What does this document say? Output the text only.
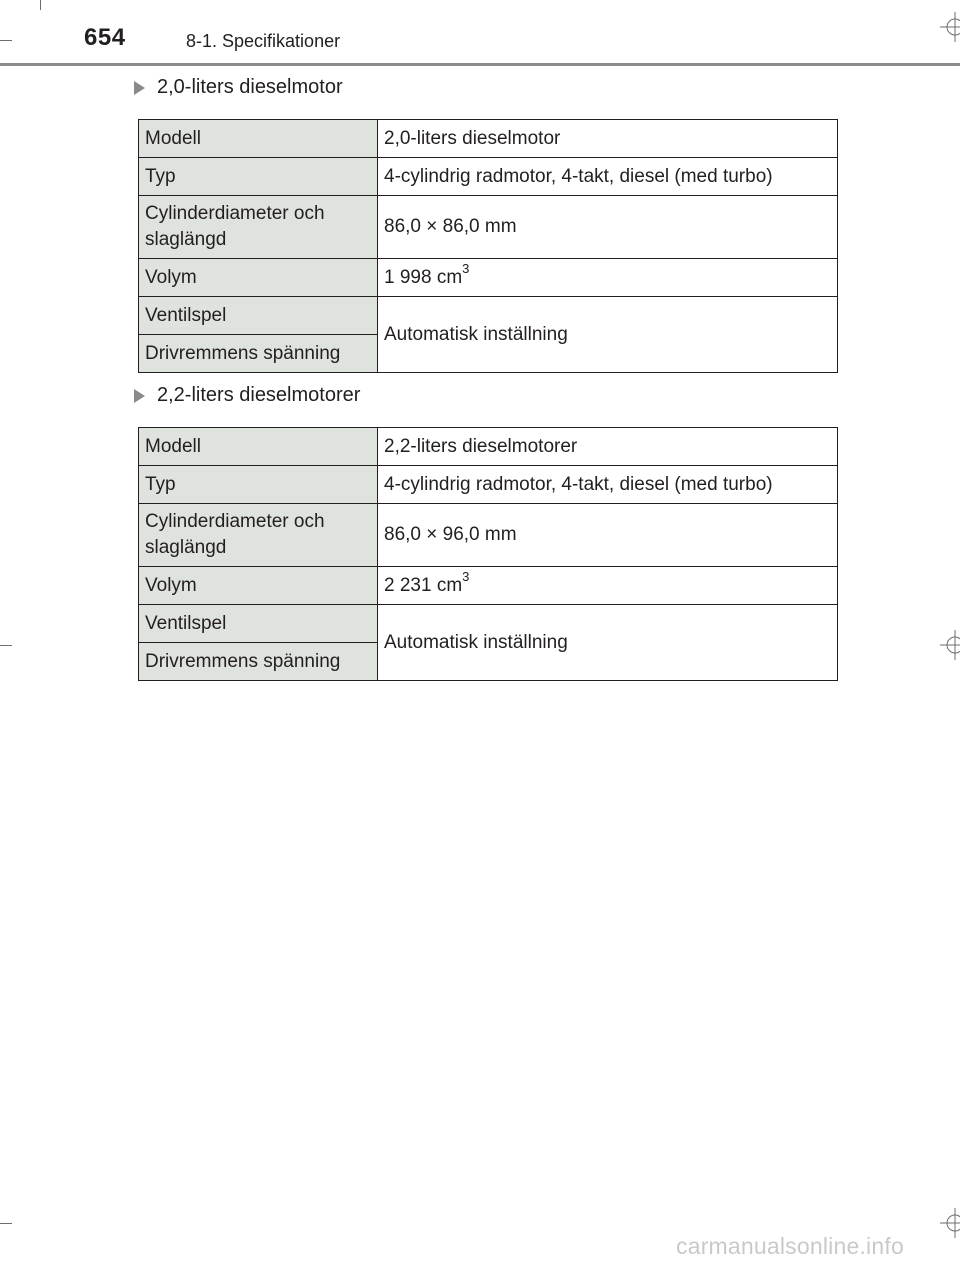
654	8-1. Specifikationer
2,0-liters dieselmotor
Modell	2,0-liters dieselmotor
Typ	4-cylindrig radmotor, 4-takt, diesel (med turbo)
Cylinderdiameter och
slaglängd	86,0 × 86,0 mm
Volym	1 998 $cm^3$
Ventilspel	Automatisk inställning
Drivremmens spänning	
2,2-liters dieselmotorer
Modell	2,2-liters dieselmotorer
Typ	4-cylindrig radmotor, 4-takt, diesel (med turbo)
Cylinderdiameter och
slaglängd	86,0 × 96,0 mm
Volym	2 231 $cm^3$
Ventilspel	Automatisk inställning
Drivremmens spänning	
carmanualsonline.info
